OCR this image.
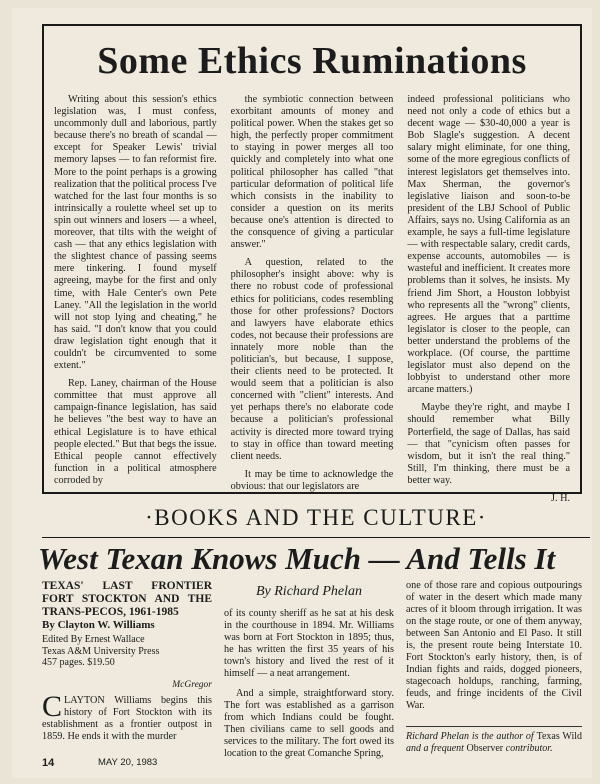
Some Ethics Ruminations

Writing about this session's ethics legislation was, I must confess, uncommonly dull and laborious, partly because there's no breath of scandal — except for Speaker Lewis' trivial memory lapses — to fan reformist fire. More to the point perhaps is a growing realization that the political process I've watched for the last four months is so intrinsically a roulette wheel set up to spin out winners and losers — a wheel, moreover, that tilts with the weight of cash — that any ethics legislation with the slightest chance of passing seems mere tinkering. I found myself agreeing, maybe for the first and only time, with Hale Center's own Pete Laney. "All the legislation in the world will not stop lying and cheating," he has said. "I don't know that you could draw legislation tight enough that it couldn't be circumvented to some extent."

Rep. Laney, chairman of the House committee that must approve all campaign-finance legislation, has said he believes "the best way to have an ethical Legislature is to have ethical people elected." But that begs the issue. Ethical people cannot effectively function in a political atmosphere corroded by

the symbiotic connection between exorbitant amounts of money and political power. When the stakes get so high, the perfectly proper commitment to staying in power merges all too quickly and completely into what one political philosopher has called "that particular deformation of political life which consists in the inability to consider a question on its merits because one's attention is directed to the consquence of giving a particular answer."

A question, related to the philosopher's insight above: why is there no robust code of professional ethics for politicians, codes resembling those for other professions? Doctors and lawyers have elaborate ethics codes, not because their professions are innately more noble than the politician's, but because, I suppose, their clients need to be protected. It would seem that a politician is also concerned with "client" interests. And yet perhaps there's no elaborate code because a politician's professional activity is directed more toward trying to stay in office than toward meeting client needs.

It may be time to acknowledge the obvious: that our legislators are

indeed professional politicians who need not only a code of ethics but a decent wage — $30-40,000 a year is Bob Slagle's suggestion. A decent salary might eliminate, for one thing, some of the more egregious conflicts of interest legislators get themselves into. Max Sherman, the governor's legislative liaison and soon-to-be president of the LBJ School of Public Affairs, says no. Using California as an example, he says a full-time legislature — with respectable salary, credit cards, expense accounts, automobiles — is wasteful and inefficient. It creates more problems than it solves, he insists. My friend Jim Short, a Houston lobbyist who represents all the "wrong" clients, agrees. He argues that a parttime legislator is closer to the people, can better understand the problems of the workplace. (Of course, the parttime legislator must also depend on the lobbyist to understand other more arcane matters.)

Maybe they're right, and maybe I should remember what Billy Porterfield, the sage of Dallas, has said — that "cynicism often passes for wisdom, but it isn't the real thing." Still, I'm thinking, there must be a better way.

J. H.

·BOOKS AND THE CULTURE·
West Texan Knows Much — And Tells It
TEXAS' LAST FRONTIER FORT STOCKTON AND THE TRANS-PECOS, 1961-1985
By Clayton W. Williams
Edited By Ernest Wallace
Texas A&M University Press
457 pages. $19.50
McGregor

CLAYTON Williams begins this history of Fort Stockton with its establishment as a frontier outpost in 1859. He ends it with the murder

By Richard Phelan

of its county sheriff as he sat at his desk in the courthouse in 1894. Mr. Williams was born at Fort Stockton in 1895; thus, he has written the first 35 years of his town's history and lived the rest of it himself — a neat arrangement.

And a simple, straightforward story. The fort was established as a garrison from which Indians could be fought. Then civilians came to sell goods and services to the military. The fort owed its location to the great Comanche Spring,

one of those rare and copious outpourings of water in the desert which made many acres of it bloom through irrigation. It was on the stage route, or one of them anyway, between San Antonio and El Paso. It still is, the present route being Interstate 10. Fort Stockton's early history, then, is of Indian fights and raids, dogged pioneers, stagecoach holdups, ranching, farming, feuds, and fringe incidents of the Civil War.

Richard Phelan is the author of Texas Wild and a frequent Observer contributor.
14	MAY 20, 1983
